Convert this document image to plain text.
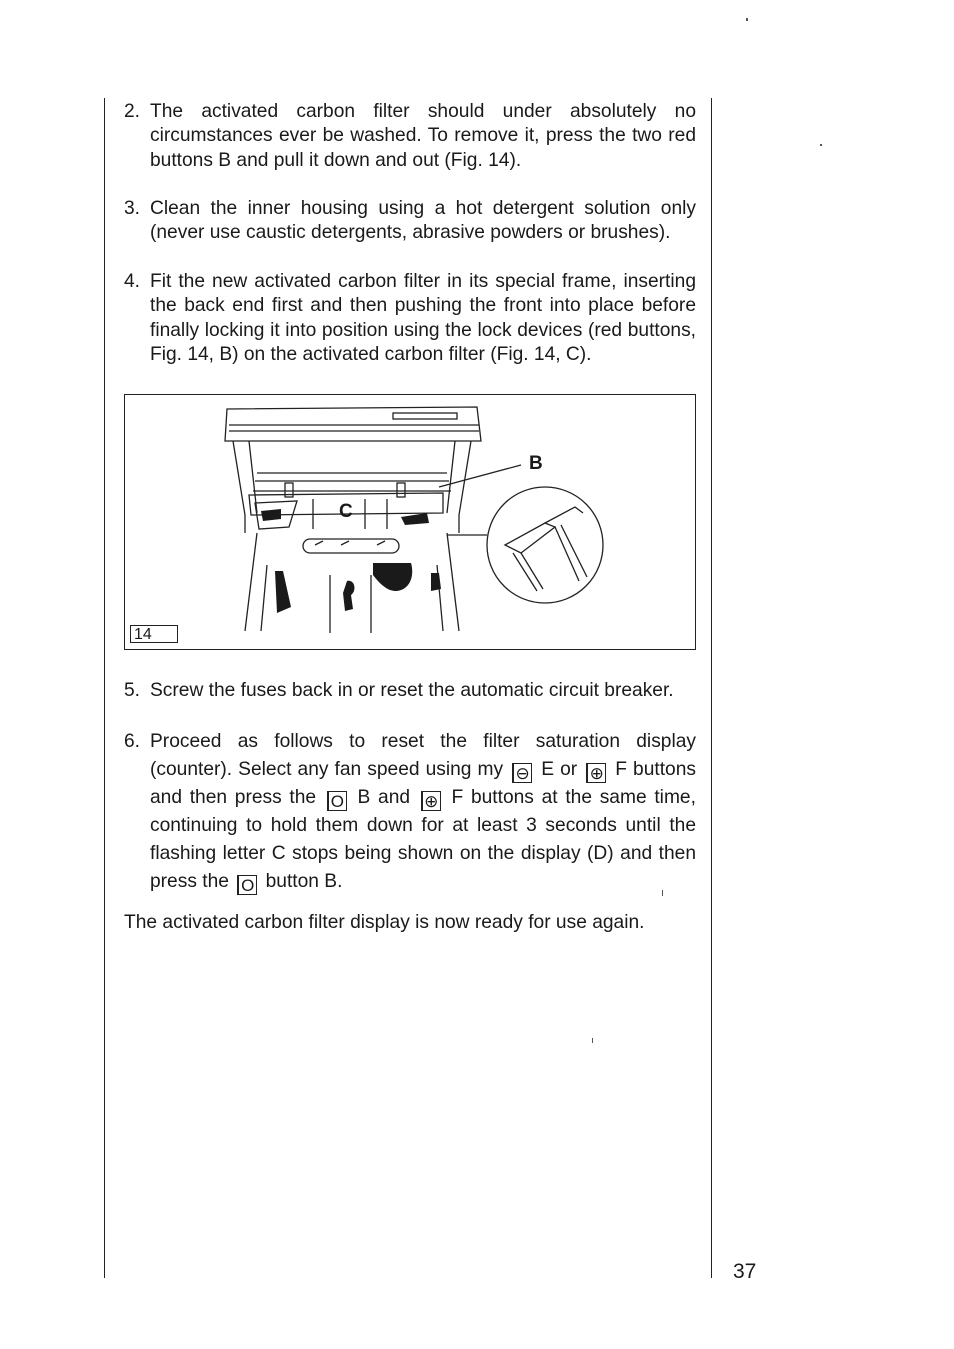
2. The activated carbon filter should under absolutely no circumstances ever be washed. To remove it, press the two red buttons B and pull it down and out (Fig. 14).
3. Clean the inner housing using a hot detergent solution only (never use caustic detergents, abrasive powders or brushes).
4. Fit the new activated carbon filter in its special frame, inserting the back end first and then pushing the front into place before finally locking it into position using the lock devices (red buttons, Fig. 14, B) on the activated carbon filter (Fig. 14, C).
B
C
14
5. Screw the fuses back in or reset the automatic circuit breaker.
6. Proceed as follows to reset the filter saturation display (counter). Select any fan speed using my ⊖ E or ⊕ F buttons and then press the O B and ⊕ F buttons at the same time, continuing to hold them down for at least 3 seconds until the flashing letter C stops being shown on the display (D) and then press the O button B.
The activated carbon filter display is now ready for use again.
37
